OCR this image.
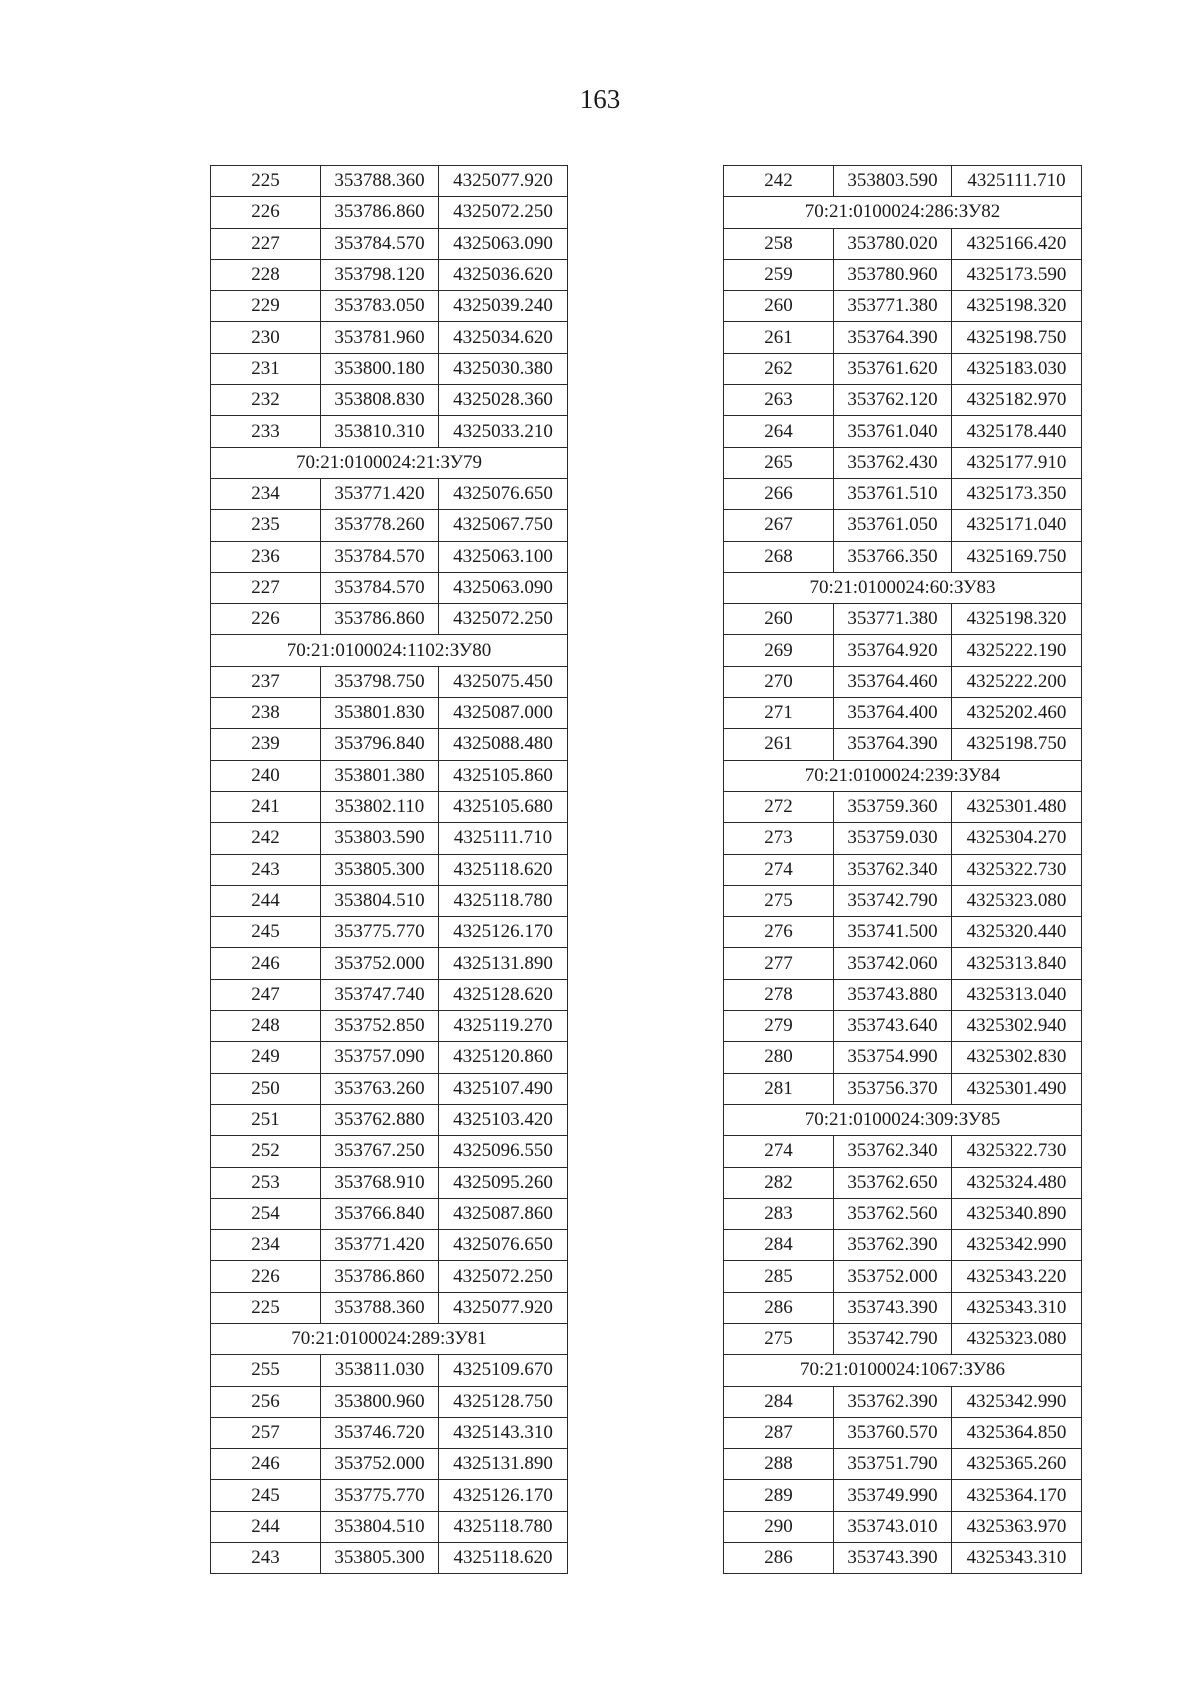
163
225	353788.360	4325077.920
226	353786.860	4325072.250
227	353784.570	4325063.090
228	353798.120	4325036.620
229	353783.050	4325039.240
230	353781.960	4325034.620
231	353800.180	4325030.380
232	353808.830	4325028.360
233	353810.310	4325033.210
70:21:0100024:21:ЗУ79		
234	353771.420	4325076.650
235	353778.260	4325067.750
236	353784.570	4325063.100
227	353784.570	4325063.090
226	353786.860	4325072.250
70:21:0100024:1102:ЗУ80		
237	353798.750	4325075.450
238	353801.830	4325087.000
239	353796.840	4325088.480
240	353801.380	4325105.860
241	353802.110	4325105.680
242	353803.590	4325111.710
243	353805.300	4325118.620
244	353804.510	4325118.780
245	353775.770	4325126.170
246	353752.000	4325131.890
247	353747.740	4325128.620
248	353752.850	4325119.270
249	353757.090	4325120.860
250	353763.260	4325107.490
251	353762.880	4325103.420
252	353767.250	4325096.550
253	353768.910	4325095.260
254	353766.840	4325087.860
234	353771.420	4325076.650
226	353786.860	4325072.250
225	353788.360	4325077.920
70:21:0100024:289:ЗУ81		
255	353811.030	4325109.670
256	353800.960	4325128.750
257	353746.720	4325143.310
246	353752.000	4325131.890
245	353775.770	4325126.170
244	353804.510	4325118.780
243	353805.300	4325118.620
242	353803.590	4325111.710
70:21:0100024:286:ЗУ82		
258	353780.020	4325166.420
259	353780.960	4325173.590
260	353771.380	4325198.320
261	353764.390	4325198.750
262	353761.620	4325183.030
263	353762.120	4325182.970
264	353761.040	4325178.440
265	353762.430	4325177.910
266	353761.510	4325173.350
267	353761.050	4325171.040
268	353766.350	4325169.750
70:21:0100024:60:ЗУ83		
260	353771.380	4325198.320
269	353764.920	4325222.190
270	353764.460	4325222.200
271	353764.400	4325202.460
261	353764.390	4325198.750
70:21:0100024:239:ЗУ84		
272	353759.360	4325301.480
273	353759.030	4325304.270
274	353762.340	4325322.730
275	353742.790	4325323.080
276	353741.500	4325320.440
277	353742.060	4325313.840
278	353743.880	4325313.040
279	353743.640	4325302.940
280	353754.990	4325302.830
281	353756.370	4325301.490
70:21:0100024:309:ЗУ85		
274	353762.340	4325322.730
282	353762.650	4325324.480
283	353762.560	4325340.890
284	353762.390	4325342.990
285	353752.000	4325343.220
286	353743.390	4325343.310
275	353742.790	4325323.080
70:21:0100024:1067:ЗУ86		
284	353762.390	4325342.990
287	353760.570	4325364.850
288	353751.790	4325365.260
289	353749.990	4325364.170
290	353743.010	4325363.970
286	353743.390	4325343.310
